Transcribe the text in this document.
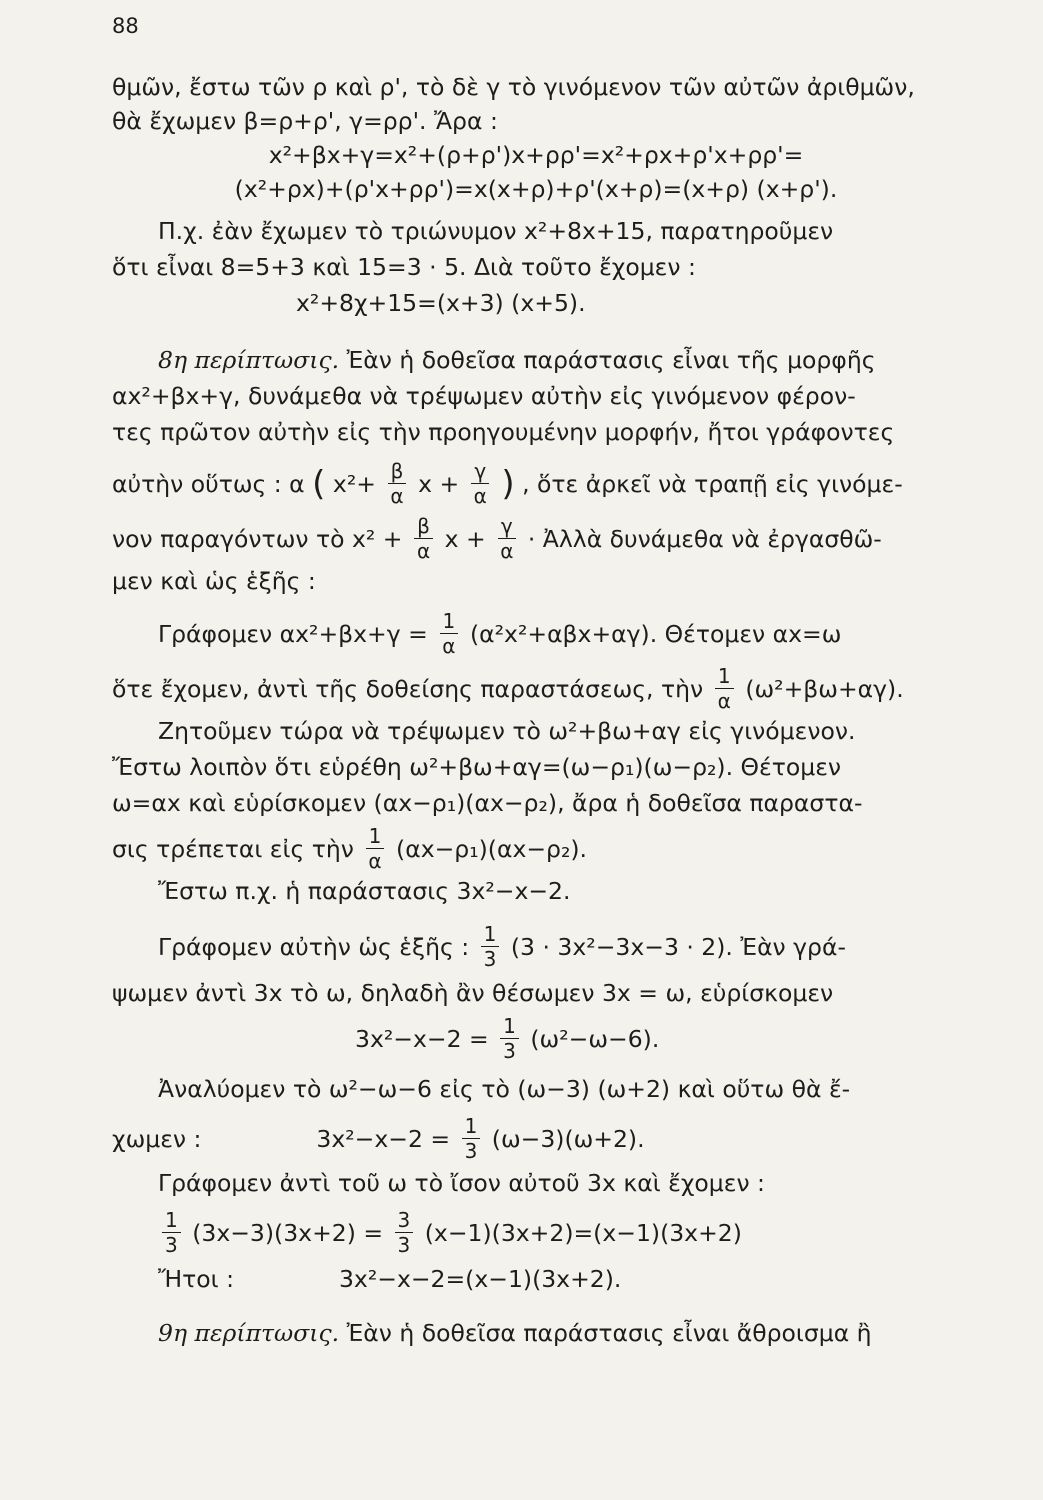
88
θμῶν, ἔστω τῶν ρ καὶ ρ', τὸ δὲ γ τὸ γινόμενον τῶν αὐτῶν ἀριθμῶν,
θὰ ἔχωμεν β=ρ+ρ', γ=ρρ'. Ἄρα :
x²+βx+γ=x²+(ρ+ρ')x+ρρ'=x²+ρx+ρ'x+ρρ'=
(x²+ρx)+(ρ'x+ρρ')=x(x+ρ)+ρ'(x+ρ)=(x+ρ) (x+ρ').
Π.χ. ἐὰν ἔχωμεν τὸ τριώνυμον x²+8x+15, παρατηροῦμεν
ὅτι εἶναι 8=5+3 καὶ 15=3 · 5. Διὰ τοῦτο ἔχομεν :
x²+8χ+15=(x+3) (x+5).
8η περίπτωσις. Ἐὰν ἡ δοθεῖσα παράστασις εἶναι τῆς μορφῆς
αx²+βx+γ, δυνάμεθα νὰ τρέψωμεν αὐτὴν εἰς γινόμενον φέρον-
τες πρῶτον αὐτὴν εἰς τὴν προηγουμένην μορφήν, ἤτοι γράφοντες
αὐτὴν οὕτως : α ( $x^2+ \frac{\beta}{\alpha}$ $x + \frac{\gamma}{\alpha}$ ) , ὅτε ἀρκεῖ νὰ τραπῇ εἰς γινόμε-
νον παραγόντων τὸ $x^2 + \frac{\beta}{\alpha}$ $x + \frac{\gamma}{\alpha}$ · Ἀλλὰ δυνάμεθα νὰ ἐργασθῶ-
μεν καὶ ὡς ἑξῆς :
Γράφομεν $\alpha x^2+\beta x+\gamma = \frac{1}{\alpha} (\alpha^2x^2+\alpha\beta x+\alpha\gamma)$. Θέτομεν αx=ω
ὅτε ἔχομεν, ἀντὶ τῆς δοθείσης παραστάσεως, τὴν $\frac{1}{\alpha} (\omega^2+\beta\omega+\alpha\gamma)$.
Ζητοῦμεν τώρα νὰ τρέψωμεν τὸ ω²+βω+αγ εἰς γινόμενον.
Ἔστω λοιπὸν ὅτι εὑρέθη ω²+βω+αγ=(ω−ρ₁)(ω−ρ₂). Θέτομεν
ω=αx καὶ εὑρίσκομεν (αx−ρ₁)(αx−ρ₂), ἄρα ἡ δοθεῖσα παραστα-
σις τρέπεται εἰς τὴν $\frac{1}{\alpha} (\alpha x-\rho_1)(\alpha x-\rho_2)$.
Ἔστω π.χ. ἡ παράστασις 3x²−x−2.
Γράφομεν αὐτὴν ὡς ἑξῆς : $\frac{1}{3} (3 \cdot 3x^2-3x-3 \cdot 2)$. Ἐὰν γρά-
ψωμεν ἀντὶ 3x τὸ ω, δηλαδὴ ἂν θέσωμεν 3x = ω, εὑρίσκομεν
$3x^2-x-2 = \frac{1}{3} (\omega^2-\omega-6)$.
Ἀναλύομεν τὸ ω²−ω−6 εἰς τὸ (ω−3) (ω+2) καὶ οὕτω θὰ ἔ-
χωμεν :	$3x^2-x-2 = \frac{1}{3} (\omega-3)(\omega+2)$.
Γράφομεν ἀντὶ τοῦ ω τὸ ἴσον αὐτοῦ 3x καὶ ἔχομεν :
$\frac{1}{3} (3x-3)(3x+2) = \frac{3}{3} (x-1)(3x+2)=(x-1)(3x+2)$
Ἤτοι :	3x²−x−2=(x−1)(3x+2).
9η περίπτωσις. Ἐὰν ἡ δοθεῖσα παράστασις εἶναι ἄθροισμα ἢ
